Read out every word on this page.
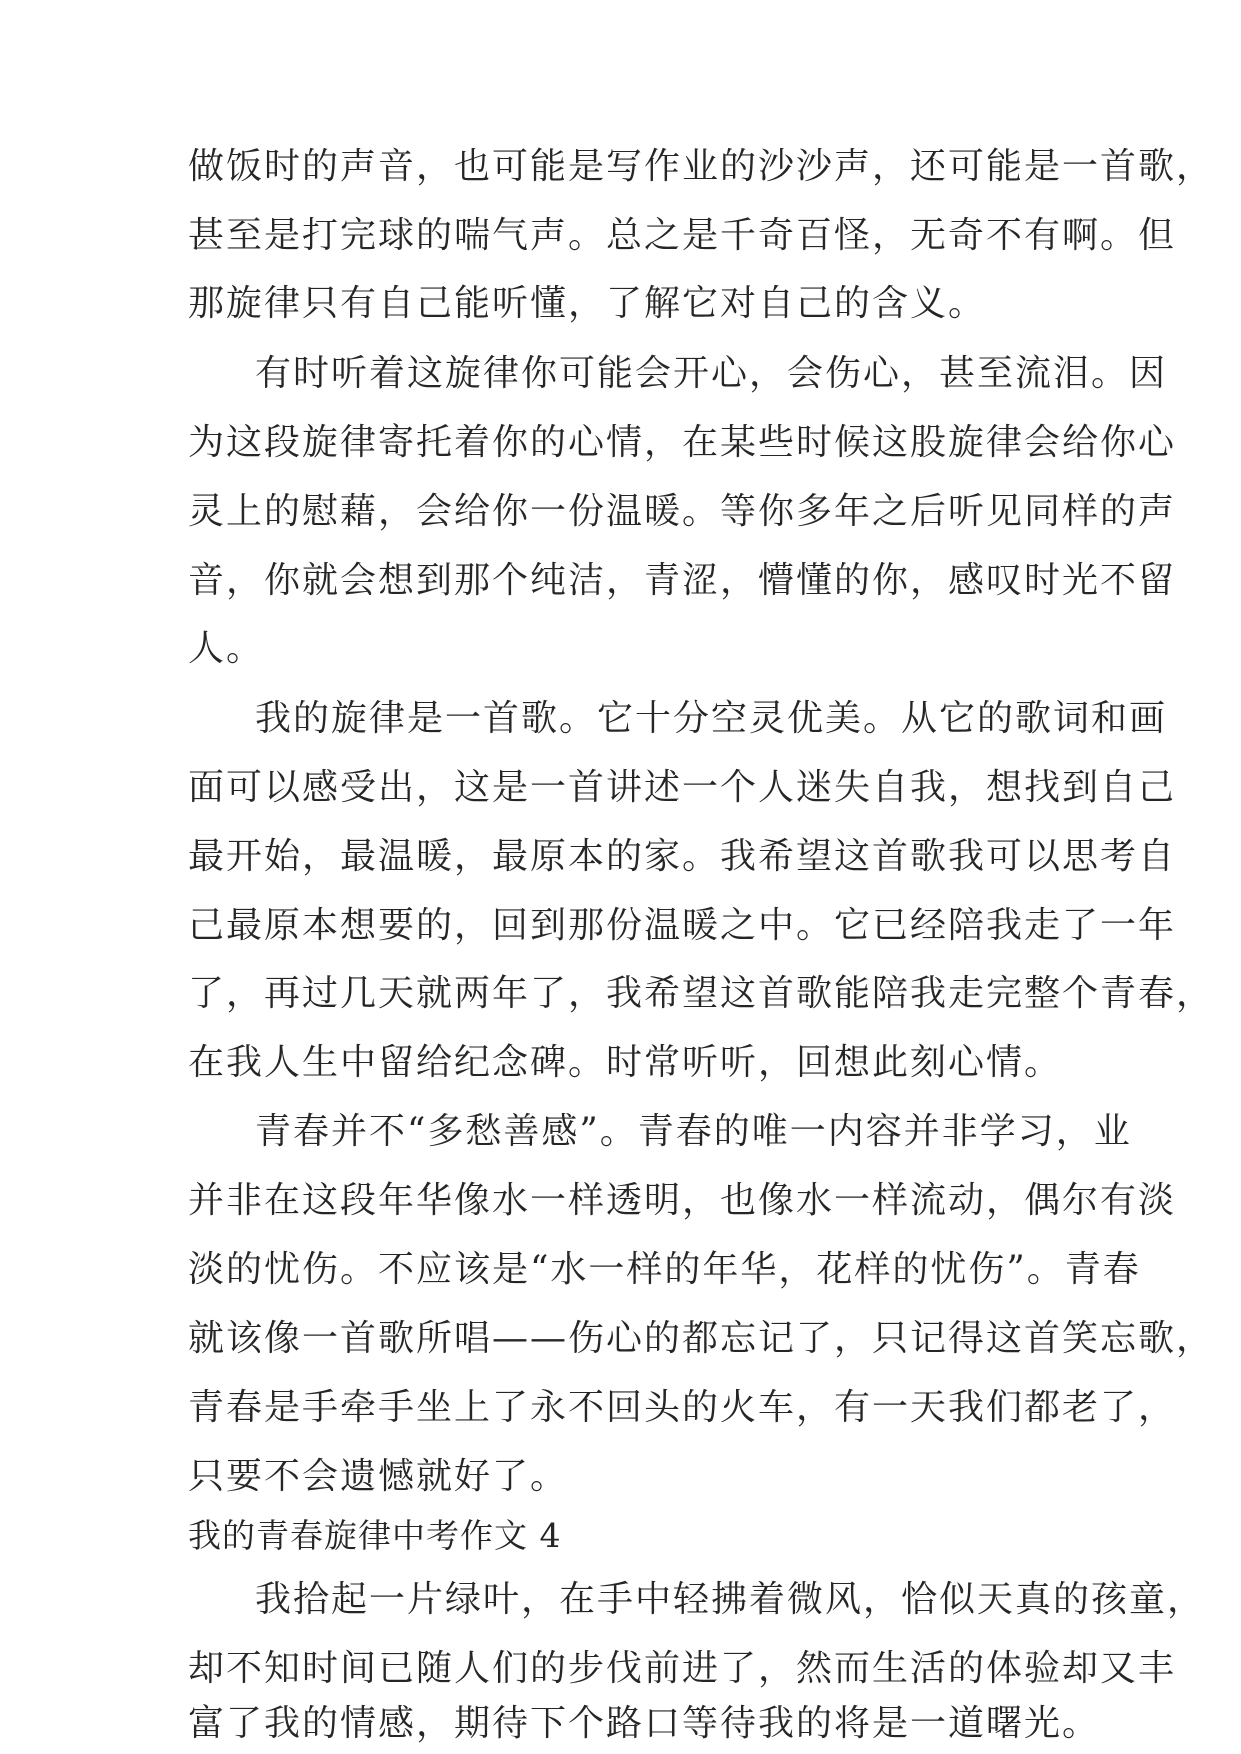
做饭时的声音，也可能是写作业的沙沙声，还可能是一首歌，
甚至是打完球的喘气声。总之是千奇百怪，无奇不有啊。但
那旋律只有自己能听懂，了解它对自己的含义。
有时听着这旋律你可能会开心，会伤心，甚至流泪。因
为这段旋律寄托着你的心情，在某些时候这股旋律会给你心
灵上的慰藉，会给你一份温暖。等你多年之后听见同样的声
音，你就会想到那个纯洁，青涩，懵懂的你，感叹时光不留
人。
我的旋律是一首歌。它十分空灵优美。从它的歌词和画
面可以感受出，这是一首讲述一个人迷失自我，想找到自己
最开始，最温暖，最原本的家。我希望这首歌我可以思考自
己最原本想要的，回到那份温暖之中。它已经陪我走了一年
了，再过几天就两年了，我希望这首歌能陪我走完整个青春，
在我人生中留给纪念碑。时常听听，回想此刻心情。
青春并不“多愁善感”。青春的唯一内容并非学习，业
并非在这段年华像水一样透明，也像水一样流动，偶尔有淡
淡的忧伤。不应该是“水一样的年华，花样的忧伤”。青春
就该像一首歌所唱——伤心的都忘记了，只记得这首笑忘歌，
青春是手牵手坐上了永不回头的火车，有一天我们都老了，
只要不会遗憾就好了。
我的青春旋律中考作文 4
我拾起一片绿叶，在手中轻拂着微风，恰似天真的孩童，
却不知时间已随人们的步伐前进了，然而生活的体验却又丰
富了我的情感，期待下个路口等待我的将是一道曙光。
